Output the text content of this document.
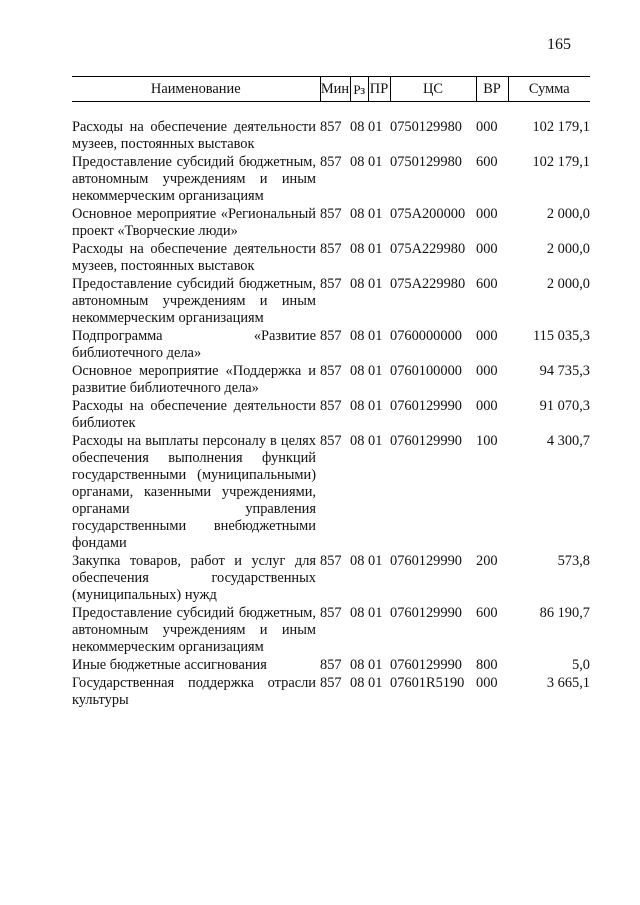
165
Наименование	Мин	Рз	ПР	ЦС	ВР	Сумма

Расходы на обеспечение деятельности музеев, постоянных выставок	857	08	01	0750129980	000	102 179,1
Предоставление субсидий бюджетным, автономным учреждениям и иным некоммерческим организациям	857	08	01	0750129980	600	102 179,1
Основное мероприятие «Региональный проект «Творческие люди»	857	08	01	075А200000	000	2 000,0
Расходы на обеспечение деятельности музеев, постоянных выставок	857	08	01	075А229980	000	2 000,0
Предоставление субсидий бюджетным, автономным учреждениям и иным некоммерческим организациям	857	08	01	075А229980	600	2 000,0
Подпрограмма «Развитие библиотечного дела»	857	08	01	0760000000	000	115 035,3
Основное мероприятие «Поддержка и развитие библиотечного дела»	857	08	01	0760100000	000	94 735,3
Расходы на обеспечение деятельности библиотек	857	08	01	0760129990	000	91 070,3
Расходы на выплаты персоналу в целях обеспечения выполнения функций государственными (муниципальными) органами, казенными учреждениями, органами управления государственными внебюджетными фондами	857	08	01	0760129990	100	4 300,7
Закупка товаров, работ и услуг для обеспечения государственных (муниципальных) нужд	857	08	01	0760129990	200	573,8
Предоставление субсидий бюджетным, автономным учреждениям и иным некоммерческим организациям	857	08	01	0760129990	600	86 190,7
Иные бюджетные ассигнования	857	08	01	0760129990	800	5,0
Государственная поддержка отрасли культуры	857	08	01	07601R5190	000	3 665,1
